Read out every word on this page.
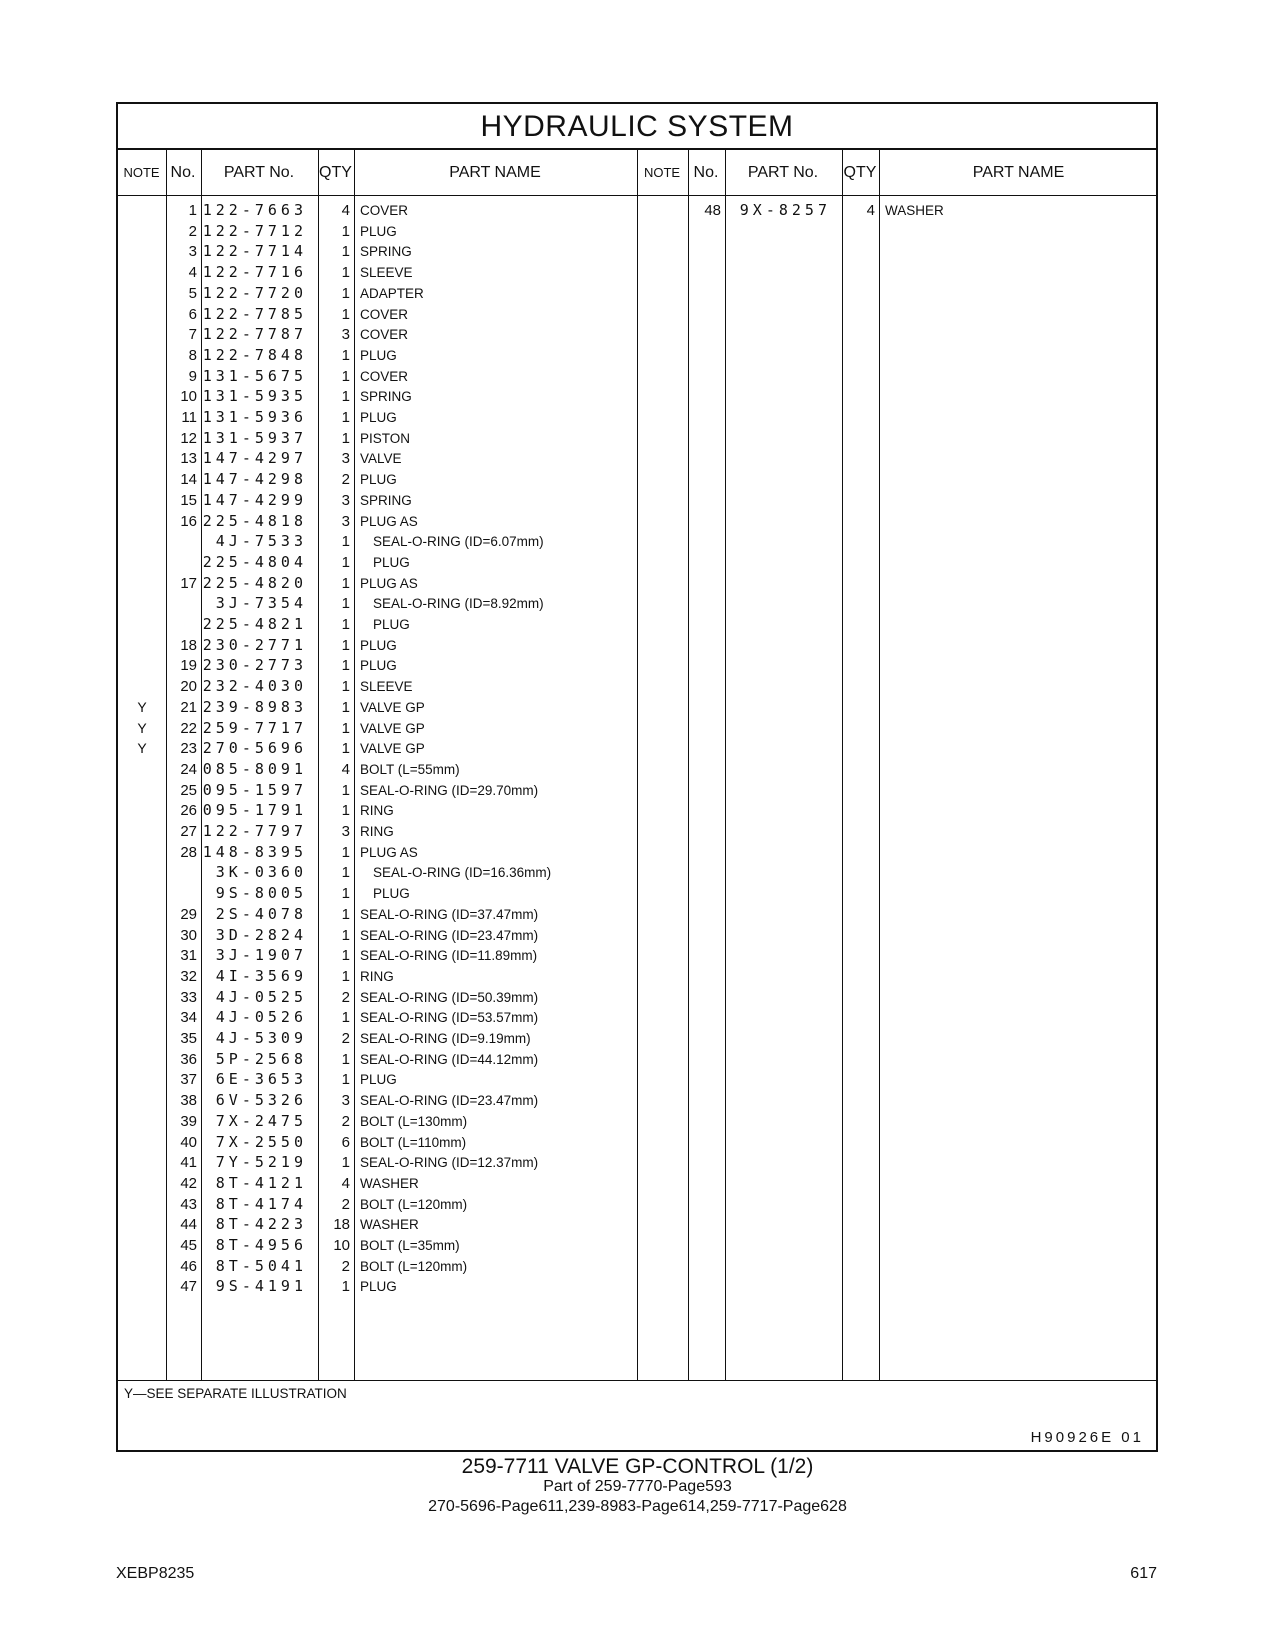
HYDRAULIC SYSTEM
NOTE No.	PART No.	QTY	PART NAME	NOTE No.	PART No.	QTY	PART NAME
1 122-7663	4 COVER
2 122-7712	1 PLUG
3 122-7714	1 SPRING
4 122-7716	1 SLEEVE
5 122-7720	1 ADAPTER
6 122-7785	1 COVER
7 122-7787	3 COVER
8 122-7848	1 PLUG
9 131-5675	1 COVER
10 131-5935	1 SPRING
11 131-5936	1 PLUG
12 131-5937	1 PISTON
13 147-4297	3 VALVE
14 147-4298	2 PLUG
15 147-4299	3 SPRING
16 225-4818	3 PLUG AS
4J-7533	1 SEAL-O-RING (ID=6.07mm)
225-4804	1 PLUG
17 225-4820	1 PLUG AS
3J-7354	1 SEAL-O-RING (ID=8.92mm)
225-4821	1 PLUG
18 230-2771	1 PLUG
19 230-2773	1 PLUG
20 232-4030	1 SLEEVE
Y	21 239-8983	1 VALVE GP
Y	22 259-7717	1 VALVE GP
Y	23 270-5696	1 VALVE GP
24 085-8091	4 BOLT (L=55mm)
25 095-1597	1 SEAL-O-RING (ID=29.70mm)
26 095-1791	1 RING
27 122-7797	3 RING
28 148-8395	1 PLUG AS
3K-0360	1 SEAL-O-RING (ID=16.36mm)
9S-8005	1 PLUG
29	2S-4078	1 SEAL-O-RING (ID=37.47mm)
30	3D-2824	1 SEAL-O-RING (ID=23.47mm)
31	3J-1907	1 SEAL-O-RING (ID=11.89mm)
32	4I-3569	1 RING
33	4J-0525	2 SEAL-O-RING (ID=50.39mm)
34	4J-0526	1 SEAL-O-RING (ID=53.57mm)
35	4J-5309	2 SEAL-O-RING (ID=9.19mm)
36	5P-2568	1 SEAL-O-RING (ID=44.12mm)
37	6E-3653	1 PLUG
38	6V-5326	3 SEAL-O-RING (ID=23.47mm)
39	7X-2475	2 BOLT (L=130mm)
40	7X-2550	6 BOLT (L=110mm)
41	7Y-5219	1 SEAL-O-RING (ID=12.37mm)
42	8T-4121	4 WASHER
43	8T-4174	2 BOLT (L=120mm)
44	8T-4223	18 WASHER
45	8T-4956	10 BOLT (L=35mm)
46	8T-5041	2 BOLT (L=120mm)
47	9S-4191	1 PLUG
48	9X-8257	4 WASHER
Y—SEE SEPARATE ILLUSTRATION
H90926E 01
259-7711 VALVE GP-CONTROL (1/2)
Part of 259-7770-Page593
270-5696-Page611,239-8983-Page614,259-7717-Page628
XEBP8235	617
